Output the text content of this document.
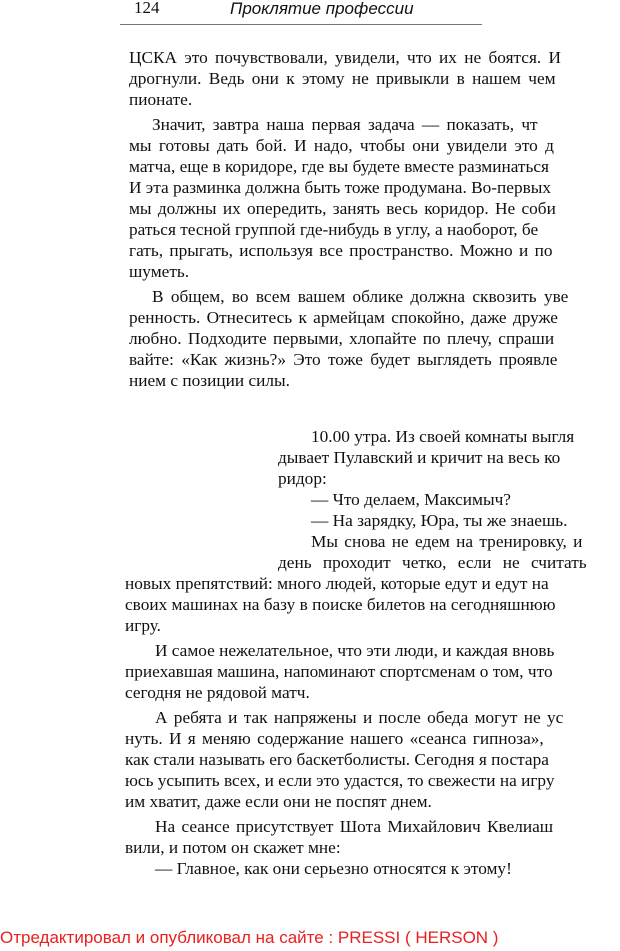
124	Проклятие профессии
ЦСКА это почувствовали, увидели, что их не боятся. И
дрогнули. Ведь они к этому не привыкли в нашем чем
пионате.
Значит, завтра наша первая задача — показать, чт
мы готовы дать бой. И надо, чтобы они увидели это д
матча, еще в коридоре, где вы будете вместе разминаться
И эта разминка должна быть тоже продумана. Во-первых
мы должны их опередить, занять весь коридор. Не соби
раться тесной группой где-нибудь в углу, а наоборот, бе
гать, прыгать, используя все пространство. Можно и по
шуметь.
В общем, во всем вашем облике должна сквозить уве
ренность. Отнеситесь к армейцам спокойно, даже друже
любно. Подходите первыми, хлопайте по плечу, спраши
вайте: «Как жизнь?» Это тоже будет выглядеть проявле
нием с позиции силы.
10.00 утра. Из своей комнаты выгля
дывает Пулавский и кричит на весь ко
ридор:
— Что делаем, Максимыч?
— На зарядку, Юра, ты же знаешь.
Мы снова не едем на тренировку, и
день проходит четко, если не считать
новых препятствий: много людей, которые едут и едут на
своих машинах на базу в поиске билетов на сегодняшнюю
игру.
И самое нежелательное, что эти люди, и каждая вновь
приехавшая машина, напоминают спортсменам о том, что
сегодня не рядовой матч.
А ребята и так напряжены и после обеда могут не ус
нуть. И я меняю содержание нашего «сеанса гипноза»,
как стали называть его баскетболисты. Сегодня я постара
юсь усыпить всех, и если это удастся, то свежести на игру
им хватит, даже если они не поспят днем.
На сеансе присутствует Шота Михайлович Квелиаш
вили, и потом он скажет мне:
— Главное, как они серьезно относятся к этому!
Отредактировал и опубликовал на сайте : PRESSI ( HERSON )
